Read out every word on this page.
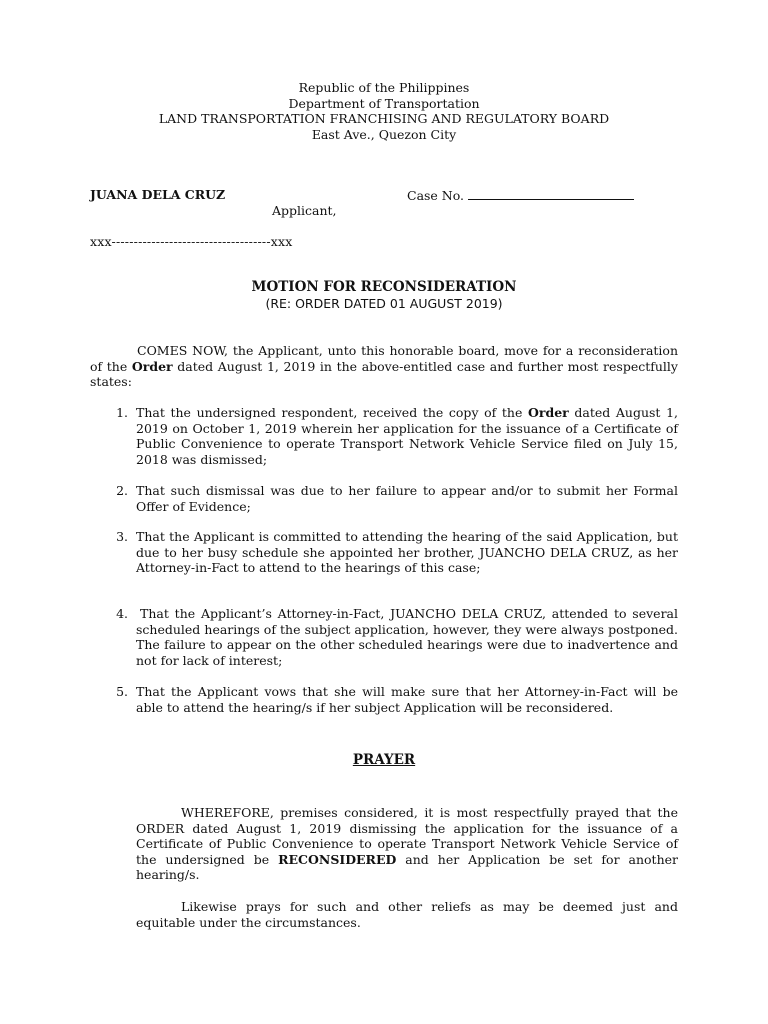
Republic of the Philippines
Department of Transportation
LAND TRANSPORTATION FRANCHISING AND REGULATORY BOARD
East Ave., Quezon City
JUANA DELA CRUZ	Case No.
Applicant,
xxx------------------------------------xxx
MOTION FOR RECONSIDERATION
(RE: ORDER DATED 01 AUGUST 2019)
COMES NOW, the Applicant, unto this honorable board, move for a reconsideration of the Order dated August 1, 2019 in the above-entitled case and further most respectfully states:
1. That the undersigned respondent, received the copy of the Order dated August 1, 2019 on October 1, 2019 wherein her application for the issuance of a Certificate of Public Convenience to operate Transport Network Vehicle Service filed on July 15, 2018 was dismissed;
2. That such dismissal was due to her failure to appear and/or to submit her Formal Offer of Evidence;
3. That the Applicant is committed to attending the hearing of the said Application, but due to her busy schedule she appointed her brother, JUANCHO DELA CRUZ, as her Attorney-in-Fact to attend to the hearings of this case;
4. That the Applicant’s Attorney-in-Fact, JUANCHO DELA CRUZ, attended to several scheduled hearings of the subject application, however, they were always postponed. The failure to appear on the other scheduled hearings were due to inadvertence and not for lack of interest;
5. That the Applicant vows that she will make sure that her Attorney-in-Fact will be able to attend the hearing/s if her subject Application will be reconsidered.
PRAYER
WHEREFORE, premises considered, it is most respectfully prayed that the ORDER dated August 1, 2019 dismissing the application for the issuance of a Certificate of Public Convenience to operate Transport Network Vehicle Service of the undersigned be RECONSIDERED and her Application be set for another hearing/s.
Likewise prays for such and other reliefs as may be deemed just and equitable under the circumstances.
